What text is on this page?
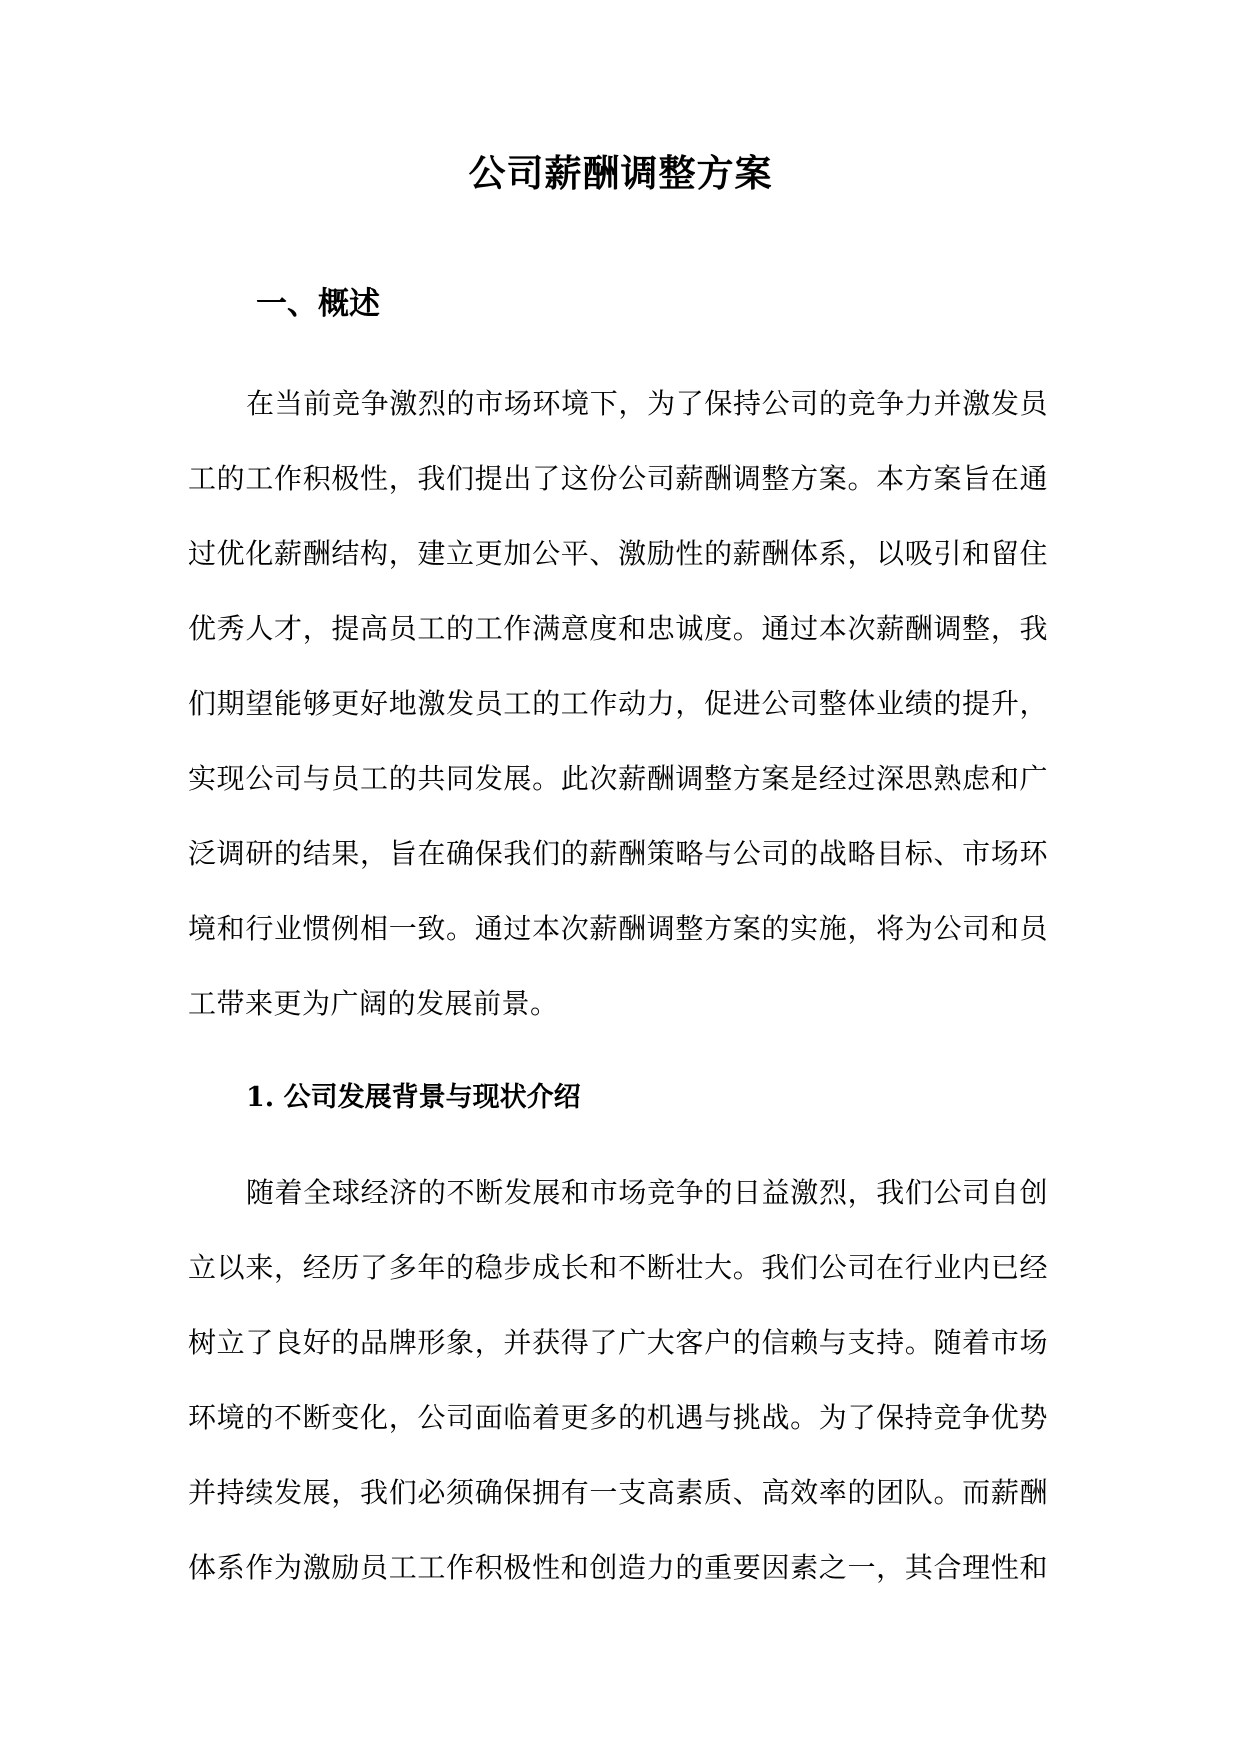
公司薪酬调整方案
一、概述
在当前竞争激烈的市场环境下，为了保持公司的竞争力并激发员
工的工作积极性，我们提出了这份公司薪酬调整方案。本方案旨在通
过优化薪酬结构，建立更加公平、激励性的薪酬体系，以吸引和留住
优秀人才，提高员工的工作满意度和忠诚度。通过本次薪酬调整，我
们期望能够更好地激发员工的工作动力，促进公司整体业绩的提升，
实现公司与员工的共同发展。此次薪酬调整方案是经过深思熟虑和广
泛调研的结果，旨在确保我们的薪酬策略与公司的战略目标、市场环
境和行业惯例相一致。通过本次薪酬调整方案的实施，将为公司和员
工带来更为广阔的发展前景。
1. 公司发展背景与现状介绍
随着全球经济的不断发展和市场竞争的日益激烈，我们公司自创
立以来，经历了多年的稳步成长和不断壮大。我们公司在行业内已经
树立了良好的品牌形象，并获得了广大客户的信赖与支持。随着市场
环境的不断变化，公司面临着更多的机遇与挑战。为了保持竞争优势
并持续发展，我们必须确保拥有一支高素质、高效率的团队。而薪酬
体系作为激励员工工作积极性和创造力的重要因素之一，其合理性和
